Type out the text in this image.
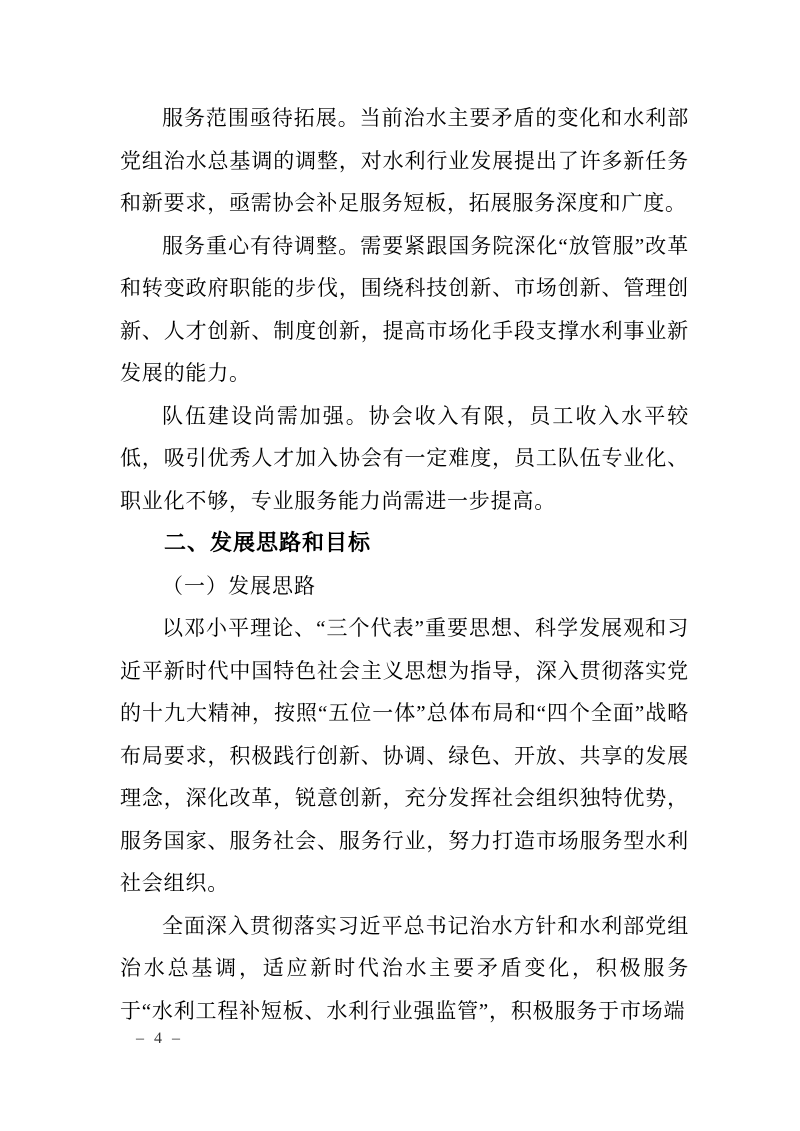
服务范围亟待拓展。当前治水主要矛盾的变化和水利部党组治水总基调的调整，对水利行业发展提出了许多新任务和新要求，亟需协会补足服务短板，拓展服务深度和广度。

服务重心有待调整。需要紧跟国务院深化“放管服”改革和转变政府职能的步伐，围绕科技创新、市场创新、管理创新、人才创新、制度创新，提高市场化手段支撑水利事业新发展的能力。

队伍建设尚需加强。协会收入有限，员工收入水平较低，吸引优秀人才加入协会有一定难度，员工队伍专业化、职业化不够，专业服务能力尚需进一步提高。

二、发展思路和目标
（一）发展思路

以邓小平理论、“三个代表”重要思想、科学发展观和习近平新时代中国特色社会主义思想为指导，深入贯彻落实党的十九大精神，按照“五位一体”总体布局和“四个全面”战略布局要求，积极践行创新、协调、绿色、开放、共享的发展理念，深化改革，锐意创新，充分发挥社会组织独特优势，服务国家、服务社会、服务行业，努力打造市场服务型水利社会组织。

全面深入贯彻落实习近平总书记治水方针和水利部党组治水总基调，适应新时代治水主要矛盾变化，积极服务于“水利工程补短板、水利行业强监管”，积极服务于市场端

– 4 –
